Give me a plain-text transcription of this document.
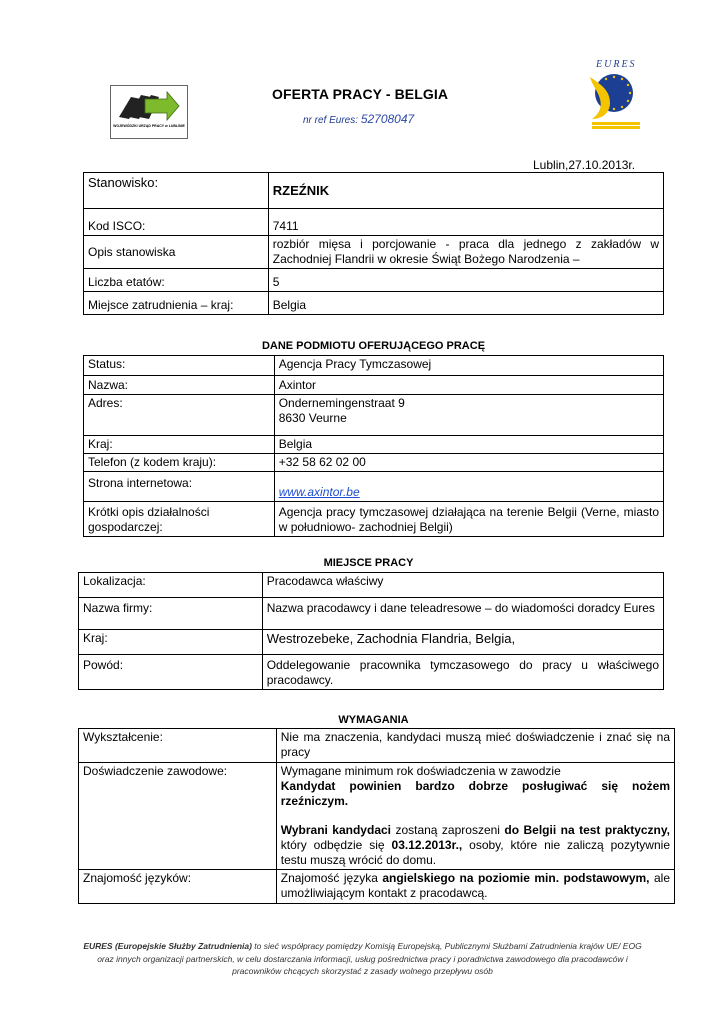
WOJEWÓDZKI URZĄD PRACY w LUBLINIE
OFERTA PRACY - BELGIA
nr ref Eures: 52708047
EURES
Lublin,27.10.2013r.
Stanowisko:	RZEŹNIK
Kod ISCO:	7411
Opis stanowiska	rozbiór mięsa i porcjowanie - praca dla jednego z zakładów w Zachodniej Flandrii w okresie Świąt Bożego Narodzenia –
Liczba etatów:	5
Miejsce zatrudnienia – kraj:	Belgia
DANE PODMIOTU OFERUJĄCEGO PRACĘ
Status:	Agencja Pracy Tymczasowej
Nazwa:	Axintor
Adres:	Ondernemingenstraat 9
8630 Veurne

Kraj:	Belgia
Telefon (z kodem kraju):	+32 58 62 02 00
Strona internetowa:	www.axintor.be
Krótki opis działalności gospodarczej:	Agencja pracy tymczasowej działająca na terenie Belgii (Verne, miasto w południowo- zachodniej Belgii)
MIEJSCE PRACY
Lokalizacja:	Pracodawca właściwy
Nazwa firmy:	Nazwa pracodawcy i dane teleadresowe – do wiadomości doradcy Eures
Kraj:	Westrozebeke, Zachodnia Flandria, Belgia,
Powód:	Oddelegowanie pracownika tymczasowego do pracy u właściwego pracodawcy.
WYMAGANIA
Wykształcenie:	Nie ma znaczenia, kandydaci muszą mieć doświadczenie i znać się na pracy
Doświadczenie zawodowe:	Wymagane minimum rok doświadczenia w zawodzie
Kandydat powinien bardzo dobrze posługiwać się nożem rzeźniczym.
Wybrani kandydaci zostaną zaproszeni do Belgii na test praktyczny, który odbędzie się 03.12.2013r., osoby, które nie zaliczą pozytywnie testu muszą wrócić do domu.

Znajomość języków:	Znajomość języka angielskiego na poziomie min. podstawowym, ale umożliwiającym kontakt z pracodawcą.
EURES (Europejskie Służby Zatrudnienia) to sieć współpracy pomiędzy Komisją Europejską, Publicznymi Służbami Zatrudnienia krajów UE/ EOG
oraz innych organizacji partnerskich, w celu dostarczania informacji, usług pośrednictwa pracy i poradnictwa zawodowego dla pracodawców i
pracowników chcących skorzystać z zasady wolnego przepływu osób
